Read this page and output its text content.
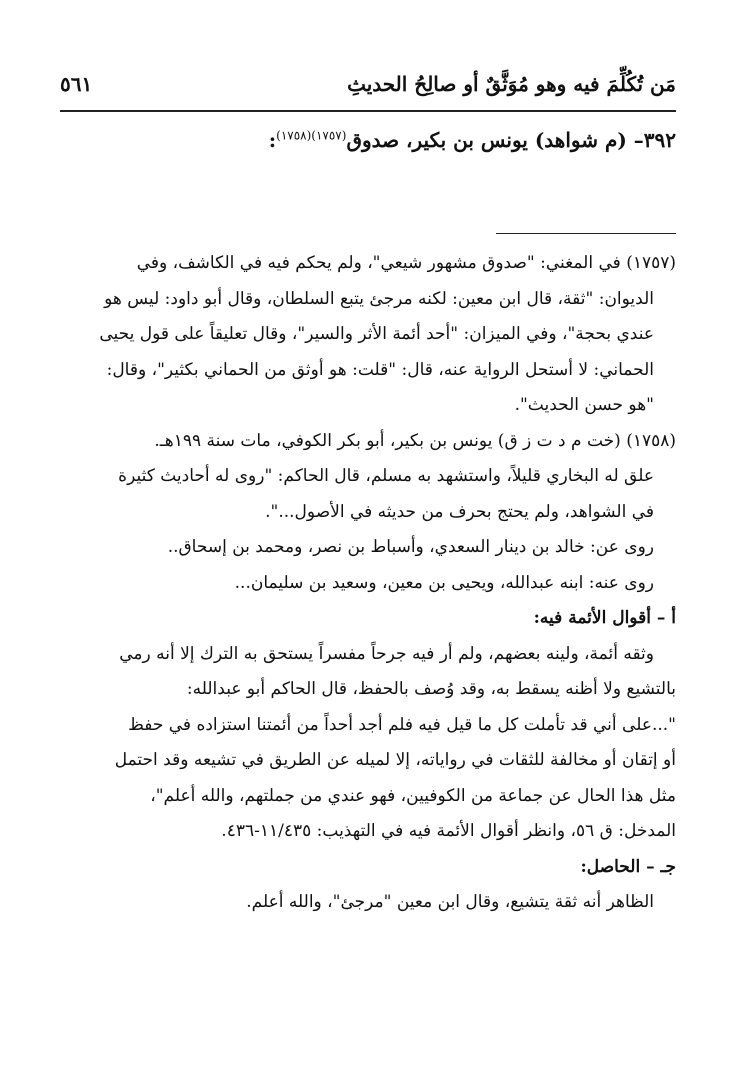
مَن تُكُلِّمَ فيه وهو مُوَثَّقٌ أو صالِحُ الحديثِ
٥٦١
٣٩٢– (م شواهد) يونس بن بكير، صدوق$^{(١٧٥٧)(١٧٥٨)}$:

(١٧٥٧) في المغني: "صدوق مشهور شيعي"، ولم يحكم فيه في الكاشف، وفي

الديوان: "ثقة، قال ابن معين: لكنه مرجئ يتبع السلطان، وقال أبو داود: ليس هو

عندي بحجة"، وفي الميزان: "أحد أئمة الأثر والسير"، وقال تعليقاً على قول يحيى

الحماني: لا أستحل الرواية عنه، قال: "قلت: هو أوثق من الحماني بكثير"، وقال:

"هو حسن الحديث".

(١٧٥٨) (خت م د ت ز ق) يونس بن بكير، أبو بكر الكوفي، مات سنة ١٩٩هـ.

علق له البخاري قليلاً، واستشهد به مسلم، قال الحاكم: "روى له أحاديث كثيرة

في الشواهد، ولم يحتج بحرف من حديثه في الأصول...".

روى عن: خالد بن دينار السعدي، وأسباط بن نصر، ومحمد بن إسحاق..

روى عنه: ابنه عبدالله، ويحيى بن معين، وسعيد بن سليمان...

أ – أقوال الأئمة فيه:

وثقه أئمة، ولينه بعضهم، ولم أر فيه جرحاً مفسراً يستحق به الترك إلا أنه رمي

بالتشيع ولا أظنه يسقط به، وقد وُصف بالحفظ، قال الحاكم أبو عبدالله:

"...على أني قد تأملت كل ما قيل فيه فلم أجد أحداً من أئمتنا استزاده في حفظ

أو إتقان أو مخالفة للثقات في رواياته، إلا لميله عن الطريق في تشيعه وقد احتمل

مثل هذا الحال عن جماعة من الكوفيين، فهو عندي من جملتهم، والله أعلم"،

المدخل: ق ٥٦، وانظر أقوال الأئمة فيه في التهذيب: ١١/٤٣٥-٤٣٦.

جـ – الحاصل:

الظاهر أنه ثقة يتشيع، وقال ابن معين "مرجئ"، والله أعلم.
